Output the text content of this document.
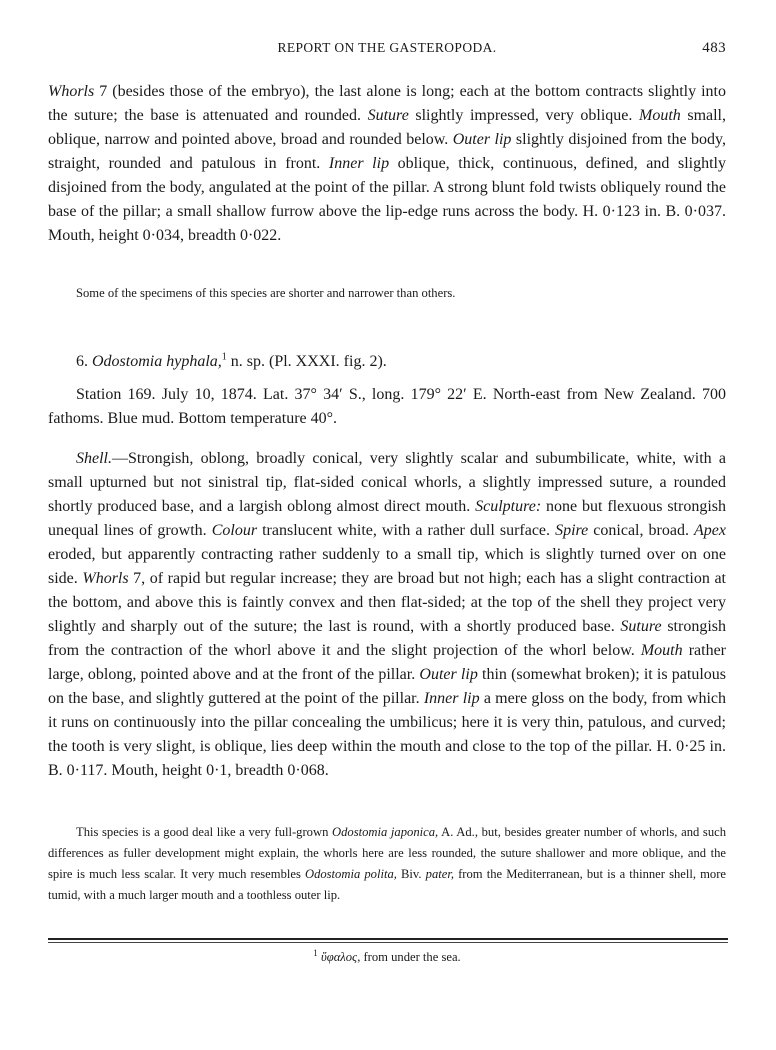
REPORT ON THE GASTEROPODA.	483

Whorls 7 (besides those of the embryo), the last alone is long; each at the bottom contracts slightly into the suture; the base is attenuated and rounded. Suture slightly impressed, very oblique. Mouth small, oblique, narrow and pointed above, broad and rounded below. Outer lip slightly disjoined from the body, straight, rounded and patulous in front. Inner lip oblique, thick, continuous, defined, and slightly disjoined from the body, angulated at the point of the pillar. A strong blunt fold twists obliquely round the base of the pillar; a small shallow furrow above the lip-edge runs across the body. H. 0·123 in. B. 0·037. Mouth, height 0·034, breadth 0·022.

Some of the specimens of this species are shorter and narrower than others.

6. Odostomia hyphala,$^1$ n. sp. (Pl. XXXI. fig. 2).

Station 169. July 10, 1874. Lat. 37° 34′ S., long. 179° 22′ E. North-east from New Zealand. 700 fathoms. Blue mud. Bottom temperature 40°.

Shell.—Strongish, oblong, broadly conical, very slightly scalar and subumbilicate, white, with a small upturned but not sinistral tip, flat-sided conical whorls, a slightly impressed suture, a rounded shortly produced base, and a largish oblong almost direct mouth. Sculpture: none but flexuous strongish unequal lines of growth. Colour translucent white, with a rather dull surface. Spire conical, broad. Apex eroded, but apparently contracting rather suddenly to a small tip, which is slightly turned over on one side. Whorls 7, of rapid but regular increase; they are broad but not high; each has a slight contraction at the bottom, and above this is faintly convex and then flat-sided; at the top of the shell they project very slightly and sharply out of the suture; the last is round, with a shortly produced base. Suture strongish from the contraction of the whorl above it and the slight projection of the whorl below. Mouth rather large, oblong, pointed above and at the front of the pillar. Outer lip thin (somewhat broken); it is patulous on the base, and slightly guttered at the point of the pillar. Inner lip a mere gloss on the body, from which it runs on continuously into the pillar concealing the umbilicus; here it is very thin, patulous, and curved; the tooth is very slight, is oblique, lies deep within the mouth and close to the top of the pillar. H. 0·25 in. B. 0·117. Mouth, height 0·1, breadth 0·068.

This species is a good deal like a very full-grown Odostomia japonica, A. Ad., but, besides greater number of whorls, and such differences as fuller development might explain, the whorls here are less rounded, the suture shallower and more oblique, and the spire is much less scalar. It very much resembles Odostomia polita, Biv. pater, from the Mediterranean, but is a thinner shell, more tumid, with a much larger mouth and a toothless outer lip.

$^1$ ὕφαλος, from under the sea.
